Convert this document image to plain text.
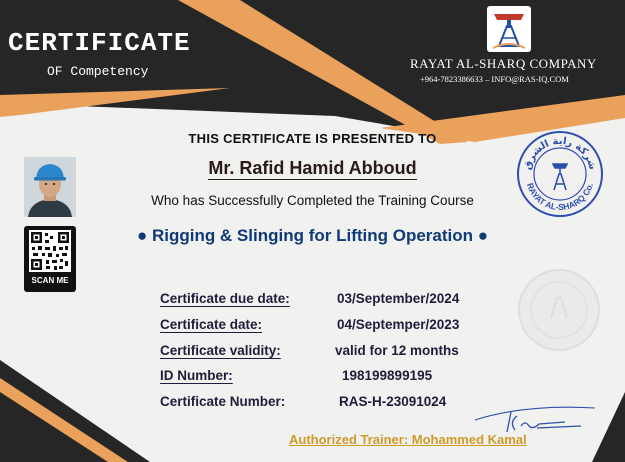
CERTIFICATE
OF Competency
RAYAT AL-SHARQ COMPANY
+964-7823386633 – INFO@RAS-IQ.COM
THIS CERTIFICATE IS PRESENTED TO
Mr. Rafid Hamid Abboud
Who has Successfully Completed the Training Course
● Rigging & Slinging for Lifting Operation ●
SCAN ME
شركة راية الشرق
RAYAT AL-SHARQ Co.
Certificate due date:	03/September/2024
Certificate date:	04/Septemper/2023
Certificate validity:	valid for 12 months
ID Number:	198199899195
Certificate Number:	RAS-H-23091024
Authorized Trainer: Mohammed Kamal
